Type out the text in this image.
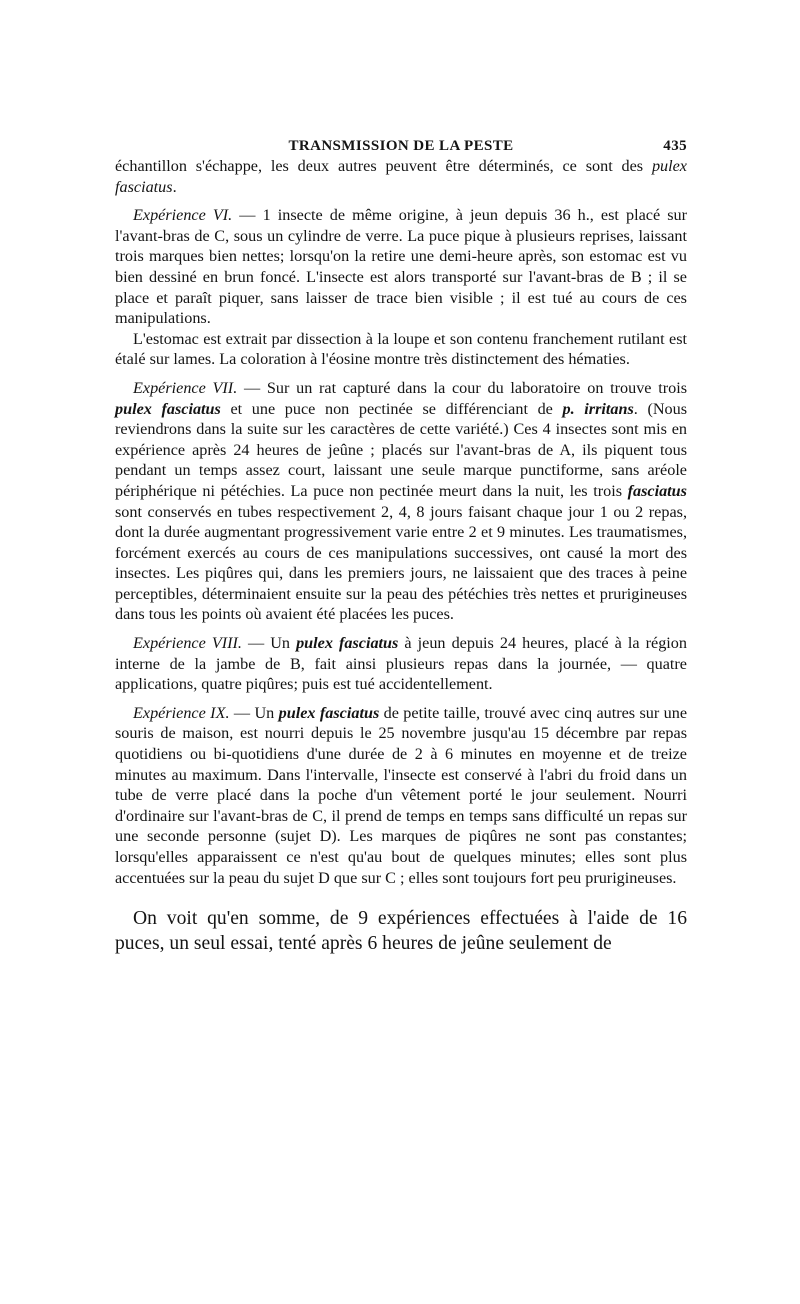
TRANSMISSION DE LA PESTE	435

échantillon s'échappe, les deux autres peuvent être déterminés, ce sont des pulex fasciatus.

Expérience VI. — 1 insecte de même origine, à jeun depuis 36 h., est placé sur l'avant-bras de C, sous un cylindre de verre. La puce pique à plusieurs reprises, laissant trois marques bien nettes; lorsqu'on la retire une demi-heure après, son estomac est vu bien dessiné en brun foncé. L'insecte est alors transporté sur l'avant-bras de B ; il se place et paraît piquer, sans laisser de trace bien visible ; il est tué au cours de ces manipulations.

L'estomac est extrait par dissection à la loupe et son contenu franchement rutilant est étalé sur lames. La coloration à l'éosine montre très distinctement des hématies.

Expérience VII. — Sur un rat capturé dans la cour du laboratoire on trouve trois pulex fasciatus et une puce non pectinée se différenciant de p. irritans. (Nous reviendrons dans la suite sur les caractères de cette variété.) Ces 4 insectes sont mis en expérience après 24 heures de jeûne ; placés sur l'avant-bras de A, ils piquent tous pendant un temps assez court, laissant une seule marque punctiforme, sans aréole périphérique ni pétéchies. La puce non pectinée meurt dans la nuit, les trois fasciatus sont conservés en tubes respectivement 2, 4, 8 jours faisant chaque jour 1 ou 2 repas, dont la durée augmentant progressivement varie entre 2 et 9 minutes. Les traumatismes, forcément exercés au cours de ces manipulations successives, ont causé la mort des insectes. Les piqûres qui, dans les premiers jours, ne laissaient que des traces à peine perceptibles, déterminaient ensuite sur la peau des pétéchies très nettes et prurigineuses dans tous les points où avaient été placées les puces.

Expérience VIII. — Un pulex fasciatus à jeun depuis 24 heures, placé à la région interne de la jambe de B, fait ainsi plusieurs repas dans la journée, — quatre applications, quatre piqûres; puis est tué accidentellement.

Expérience IX. — Un pulex fasciatus de petite taille, trouvé avec cinq autres sur une souris de maison, est nourri depuis le 25 novembre jusqu'au 15 décembre par repas quotidiens ou bi-quotidiens d'une durée de 2 à 6 minutes en moyenne et de treize minutes au maximum. Dans l'intervalle, l'insecte est conservé à l'abri du froid dans un tube de verre placé dans la poche d'un vêtement porté le jour seulement. Nourri d'ordinaire sur l'avant-bras de C, il prend de temps en temps sans difficulté un repas sur une seconde personne (sujet D). Les marques de piqûres ne sont pas constantes; lorsqu'elles apparaissent ce n'est qu'au bout de quelques minutes; elles sont plus accentuées sur la peau du sujet D que sur C ; elles sont toujours fort peu prurigineuses.

On voit qu'en somme, de 9 expériences effectuées à l'aide de 16 puces, un seul essai, tenté après 6 heures de jeûne seulement de
